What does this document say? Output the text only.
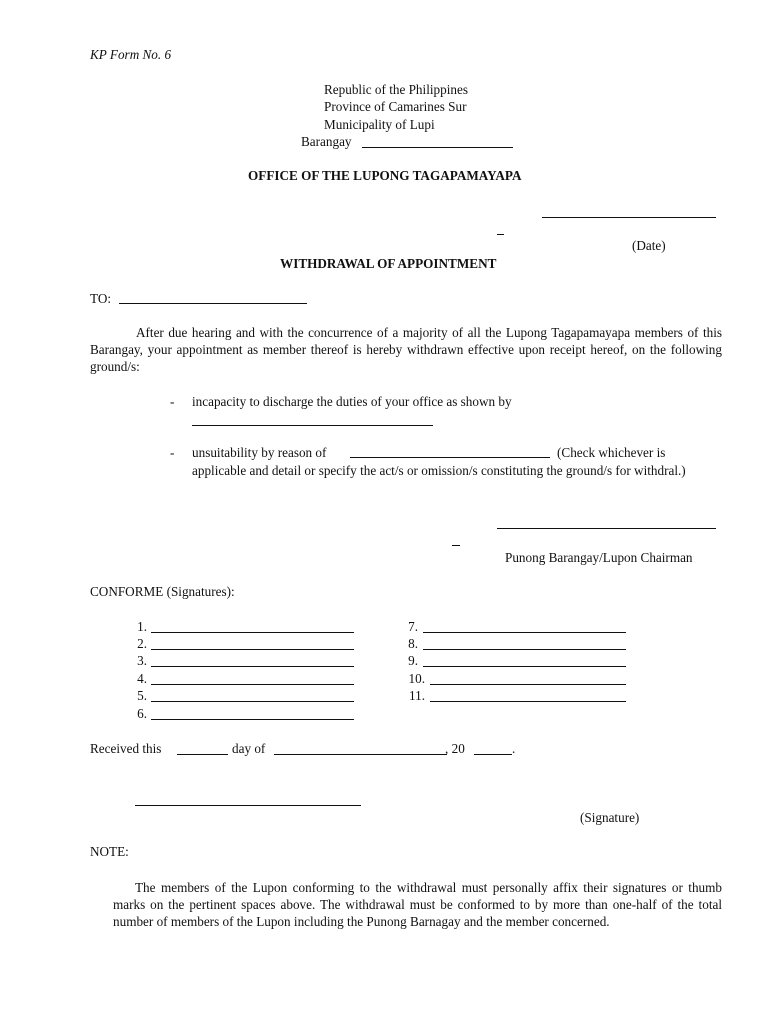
KP Form No. 6
Republic of the Philippines
Province of Camarines Sur
Municipality of Lupi
Barangay
OFFICE OF THE LUPONG TAGAPAMAYAPA
(Date)
WITHDRAWAL OF APPOINTMENT
TO:
After due hearing and with the concurrence of a majority of all the Lupong Tagapamayapa members of this Barangay, your appointment as member thereof is hereby withdrawn effective upon receipt hereof, on the following ground/s:
- incapacity to discharge the duties of your office as shown by
- unsuitability by reason of	(Check whichever is
applicable and detail or specify the act/s or omission/s constituting the ground/s for withdral.)
Punong Barangay/Lupon Chairman
CONFORME (Signatures):
1.
2.
3.
4.
5.
6.
7.
8.
9.
10.
11.
Received this	day of	, 20	.
(Signature)
NOTE:
The members of the Lupon conforming to the withdrawal must personally affix their signatures or thumb marks on the pertinent spaces above. The withdrawal must be conformed to by more than one-half of the total number of members of the Lupon including the Punong Barnagay and the member concerned.
